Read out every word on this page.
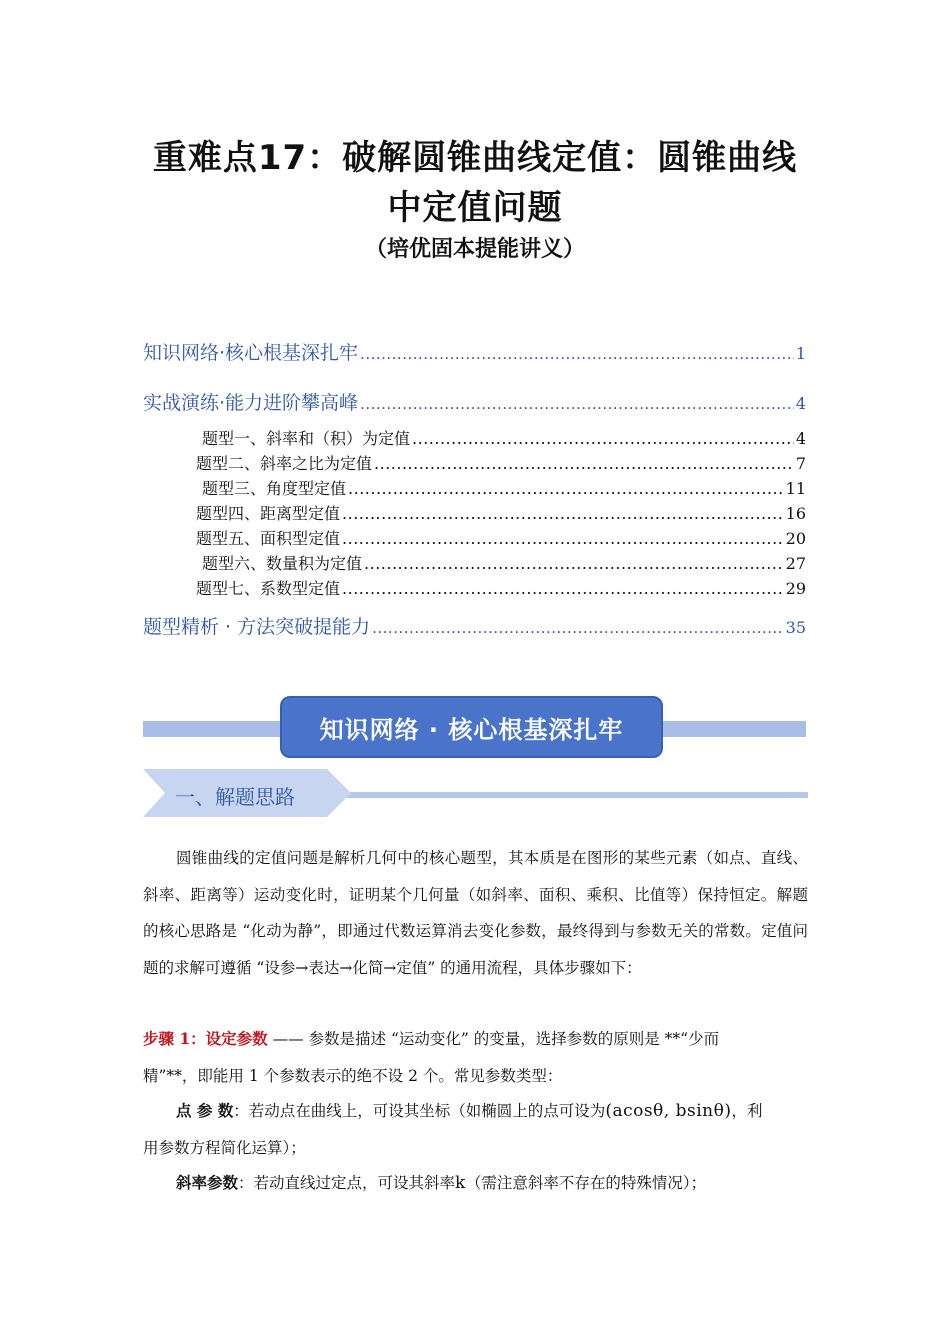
重难点17：破解圆锥曲线定值：圆锥曲线
中定值问题
（培优固本提能讲义）
知识网络·核心根基深扎牢 .....	1
实战演练·能力进阶攀高峰 .....	4
题型一、斜率和（积）为定值 .....	4
题型二、斜率之比为定值 .....	7
题型三、角度型定值 .....	11
题型四、距离型定值 .....	16
题型五、面积型定值 .....	20
题型六、数量积为定值 .....	27
题型七、系数型定值 .....	29
题型精析 · 方法突破提能力 .....	35
知识网络 · 核心根基深扎牢
一、解题思路
圆锥曲线的定值问题是解析几何中的核心题型，其本质是在图形的某些元素（如点、直线、斜率、距离等）运动变化时，证明某个几何量（如斜率、面积、乘积、比值等）保持恒定。解题的核心思路是 “化动为静”，即通过代数运算消去变化参数，最终得到与参数无关的常数。定值问题的求解可遵循 “设参→表达→化简→定值” 的通用流程，具体步骤如下：
步骤 1：设定参数 —— 参数是描述 “运动变化” 的变量，选择参数的原则是 **“少而
精”**，即能用 1 个参数表示的绝不设 2 个。常见参数类型：
点 参 数：若动点在曲线上，可设其坐标（如椭圆上的点可设为(acosθ, bsinθ)，利
用参数方程简化运算）；
斜率参数：若动直线过定点，可设其斜率k（需注意斜率不存在的特殊情况）；
